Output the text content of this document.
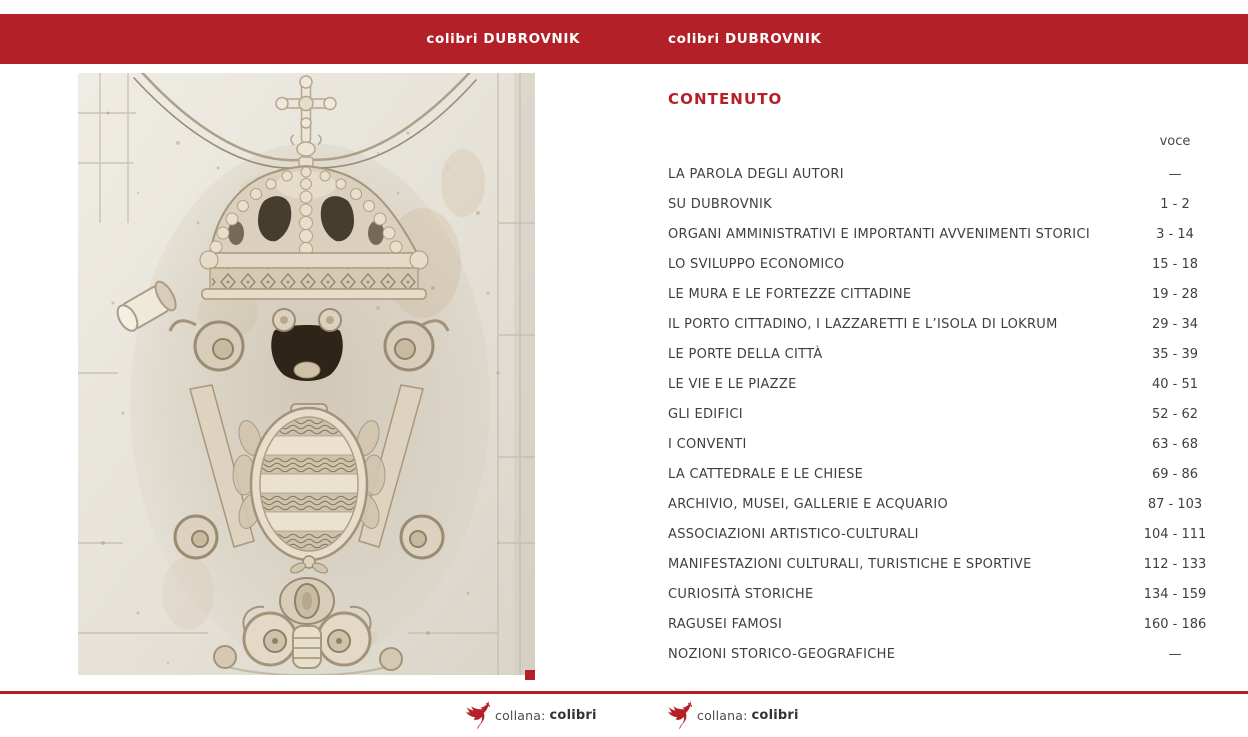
colibri DUBROVNIK	colibri DUBROVNIK
CONTENUTO
voce
LA PAROLA DEGLI AUTORI	—
SU DUBROVNIK	1 - 2
ORGANI AMMINISTRATIVI E IMPORTANTI AVVENIMENTI STORICI	3 - 14
LO SVILUPPO ECONOMICO	15 - 18
LE MURA E LE FORTEZZE CITTADINE	19 - 28
IL PORTO CITTADINO, I LAZZARETTI E L’ISOLA DI LOKRUM	29 - 34
LE PORTE DELLA CITTÀ	35 - 39
LE VIE E LE PIAZZE	40 - 51
GLI EDIFICI	52 - 62
I CONVENTI	63 - 68
LA CATTEDRALE E LE CHIESE	69 - 86
ARCHIVIO, MUSEI, GALLERIE E ACQUARIO	87 - 103
ASSOCIAZIONI ARTISTICO-CULTURALI	104 - 111
MANIFESTAZIONI CULTURALI, TURISTICHE E SPORTIVE	112 - 133
CURIOSITÀ STORICHE	134 - 159
RAGUSEI FAMOSI	160 - 186
NOZIONI STORICO-GEOGRAFICHE	—
collana: colibri	collana: colibri
